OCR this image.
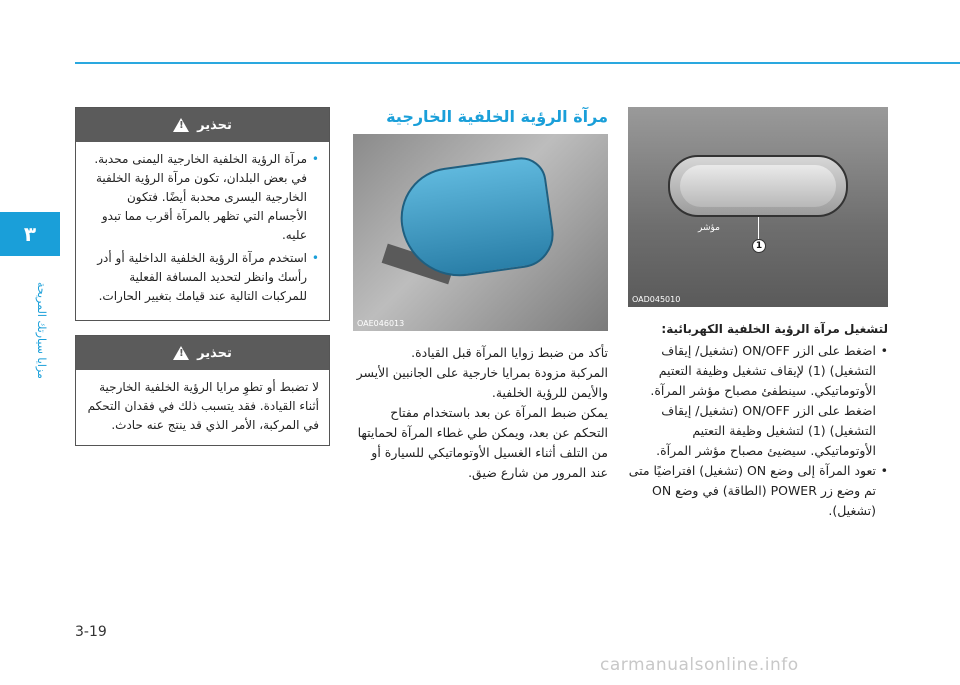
٣
مزايا سيارتك المريحة
مؤشر
1
OAD045010
لتشغيل مرآة الرؤية الخلفية الكهربائية:
• اضغط على الزر ON/OFF (تشغيل/ إيقاف التشغيل) (1) لإيقاف تشغيل وظيفة التعتيم الأوتوماتيكي. سينطفئ مصباح مؤشر المرآة. اضغط على الزر ON/OFF (تشغيل/ إيقاف التشغيل) (1) لتشغيل وظيفة التعتيم الأوتوماتيكي. سيضيئ مصباح مؤشر المرآة.
• تعود المرآة إلى وضع ON (تشغيل) افتراضيًا متى تم وضع زر POWER (الطاقة) في وضع ON (تشغيل).
مرآة الرؤية الخلفية الخارجية
OAE046013

تأكد من ضبط زوايا المرآة قبل القيادة.

المركبة مزودة بمرايا خارجية على الجانبين الأيسر والأيمن للرؤية الخلفية.

يمكن ضبط المرآة عن بعد باستخدام مفتاح التحكم عن بعد، ويمكن طي غطاء المرآة لحمايتها من التلف أثناء الغسيل الأوتوماتيكي للسيارة أو عند المرور من شارع ضيق.

تحذير
!
• مرآة الرؤية الخلفية الخارجية اليمنى محدبة. في بعض البلدان، تكون مرآة الرؤية الخلفية الخارجية اليسرى محدبة أيضًا. فتكون الأجسام التي تظهر بالمرآة أقرب مما تبدو عليه.
• استخدم مرآة الرؤية الخلفية الداخلية أو أدر رأسك وانظر لتحديد المسافة الفعلية للمركبات التالية عند قيامك بتغيير الحارات.
تحذير
!

لا تضبط أو تطوِ مرايا الرؤية الخلفية الخارجية أثناء القيادة. فقد يتسبب ذلك في فقدان التحكم في المركبة، الأمر الذي قد ينتج عنه حادث.

3-19
carmanualsonline.info
